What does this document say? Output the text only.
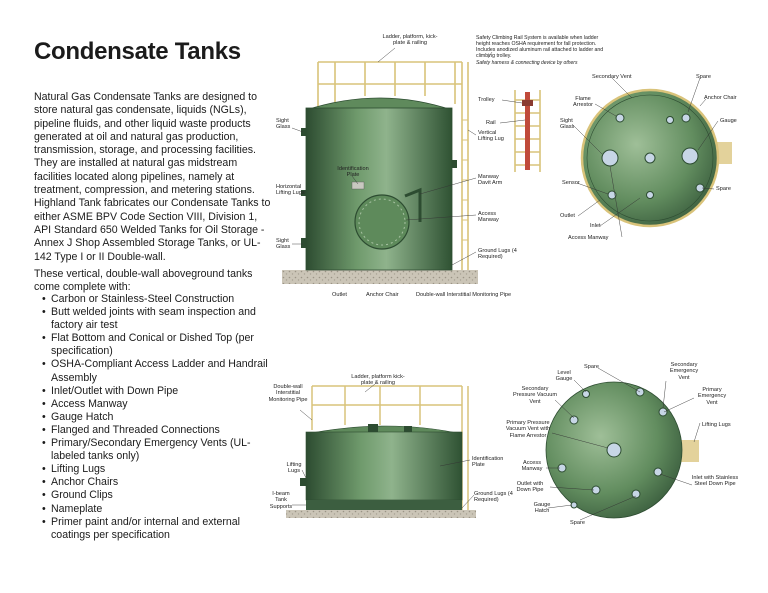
Condensate Tanks
Natural Gas Condensate Tanks are designed to store natural gas condensate, liquids (NGLs), pipeline fluids, and other liquid waste products generated at oil and natural gas production, transmission, storage, and processing facilities. They are installed at natural gas midstream facilities located along pipelines, namely at treatment, compression, and metering stations. Highland Tank fabricates our Condensate Tanks to either ASME BPV Code Section VIII, Division 1, API Standard 650 Welded Tanks for Oil Storage - Annex J Shop Assembled Storage Tanks, or UL-142 Type I or II Double-wall.
These vertical, double-wall aboveground tanks come complete with:
• Carbon or Stainless-Steel Construction
• Butt welded joints with seam inspection and factory air test
• Flat Bottom and Conical or Dished Top (per specification)
• OSHA-Compliant Access Ladder and Handrail Assembly
• Inlet/Outlet with Down Pipe
• Access Manway
• Gauge Hatch
• Flanged and Threaded Connections
• Primary/Secondary Emergency Vents (UL-labeled tanks only)
• Lifting Lugs
• Anchor Chairs
• Ground Clips
• Nameplate
• Primer paint and/or internal and external coatings per specification
Ladder, platform, kick-plate & railing
Safety Climbing Rail System is available when ladder height reaches OSHA requirement for fall protection. Includes anodized aluminum rail attached to ladder and climbing trolley.
Safety harness & connecting device by others
Trolley
Rail
Vertical Lifting Lug
Sight Glass
Identification Plate
Horizontal Lifting Lugs
Manway Davit Arm
Access Manway
Sight Glass
Ground Lugs (4 Required)
Outlet	Anchor Chair	Double-wall Interstitial Monitoring Pipe
Secondary Vent	Spare
Flame Arrestor
Anchor Chair
Sight Glass
Gauge
Sensor
Spare
Outlet
Inlet
Access Manway
Ladder, platform kick-plate & railing
Double-wall Interstitial Monitoring Pipe
Lifting Lugs
Identification Plate
I-beam Tank Supports
Ground Lugs (4 Required)
Level Gauge
Spare	Secondary Emergency Vent
Secondary Pressure Vacuum Vent
Primary Emergency Vent
Primary Pressure Vacuum Vent with Flame Arrestor
Lifting Lugs
Access Manway
Outlet with Down Pipe
Inlet with Stainless Steel Down Pipe
Gauge Hatch
Spare
